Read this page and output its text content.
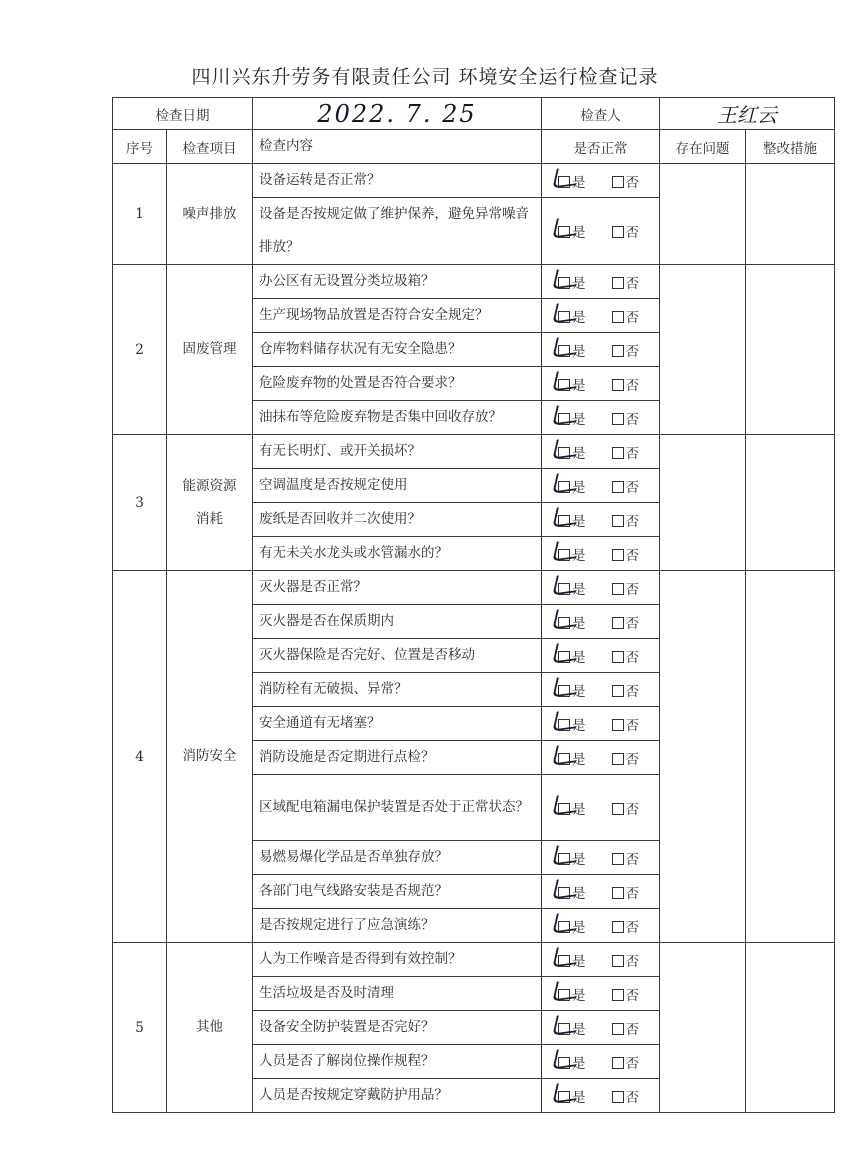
四川兴东升劳务有限责任公司 环境安全运行检查记录
检查日期		2022. 7. 25	检查人	王红云	
序号	检查项目	检查内容	是否正常	存在问题	整改措施
1	噪声排放	设备运转是否正常？	是 否		
		设备是否按规定做了维护保养，避免异常噪音排放？	是 否		
2	固废管理	办公区有无设置分类垃圾箱？	是 否		
		生产现场物品放置是否符合安全规定？	是 否		
		仓库物料储存状况有无安全隐患？	是 否		
		危险废弃物的处置是否符合要求？	是 否		
		油抹布等危险废弃物是否集中回收存放？	是 否		
3	能源资源消耗	有无长明灯、或开关损坏？	是 否		
		空调温度是否按规定使用	是 否		
		废纸是否回收并二次使用？	是 否		
		有无未关水龙头或水管漏水的？	是 否		
4	消防安全	灭火器是否正常？	是 否		
		灭火器是否在保质期内	是 否		
		灭火器保险是否完好、位置是否移动	是 否		
		消防栓有无破损、异常？	是 否		
		安全通道有无堵塞？	是 否		
		消防设施是否定期进行点检？	是 否		
		区域配电箱漏电保护装置是否处于正常状态？	是 否		
		易燃易爆化学品是否单独存放？	是 否		
		各部门电气线路安装是否规范？	是 否		
		是否按规定进行了应急演练？	是 否		
5	其他	人为工作噪音是否得到有效控制？	是 否		
		生活垃圾是否及时清理	是 否		
		设备安全防护装置是否完好？	是 否		
		人员是否了解岗位操作规程？	是 否		
		人员是否按规定穿戴防护用品？	是 否		
